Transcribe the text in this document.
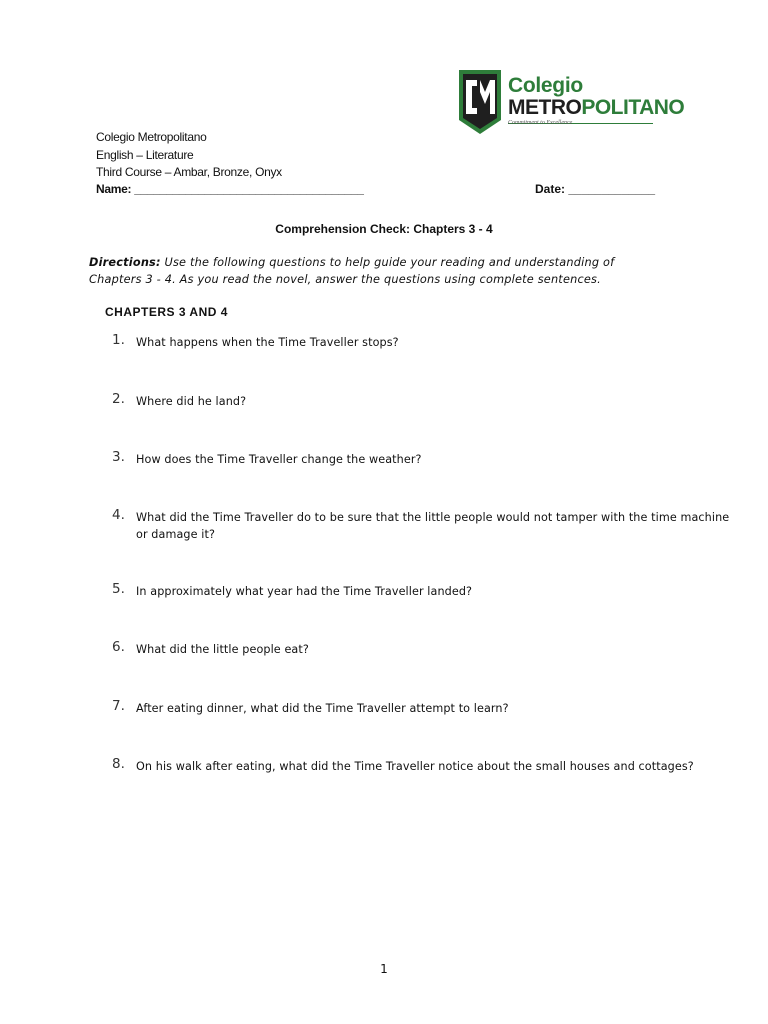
Colegio
METROPOLITANO
Commitment to Excellence
Colegio Metropolitano
English – Literature
Third Course – Ambar, Bronze, Onyx
Name: ____________________________________	Date: _____________
Comprehension Check: Chapters 3 - 4
Directions: Use the following questions to help guide your reading and understanding of Chapters 3 - 4. As you read the novel, answer the questions using complete sentences.
CHAPTERS 3 AND 4
1. What happens when the Time Traveller stops?
2. Where did he land?
3. How does the Time Traveller change the weather?
4. What did the Time Traveller do to be sure that the little people would not tamper with the time machine or damage it?
5. In approximately what year had the Time Traveller landed?
6. What did the little people eat?
7. After eating dinner, what did the Time Traveller attempt to learn?
8. On his walk after eating, what did the Time Traveller notice about the small houses and cottages?
1
